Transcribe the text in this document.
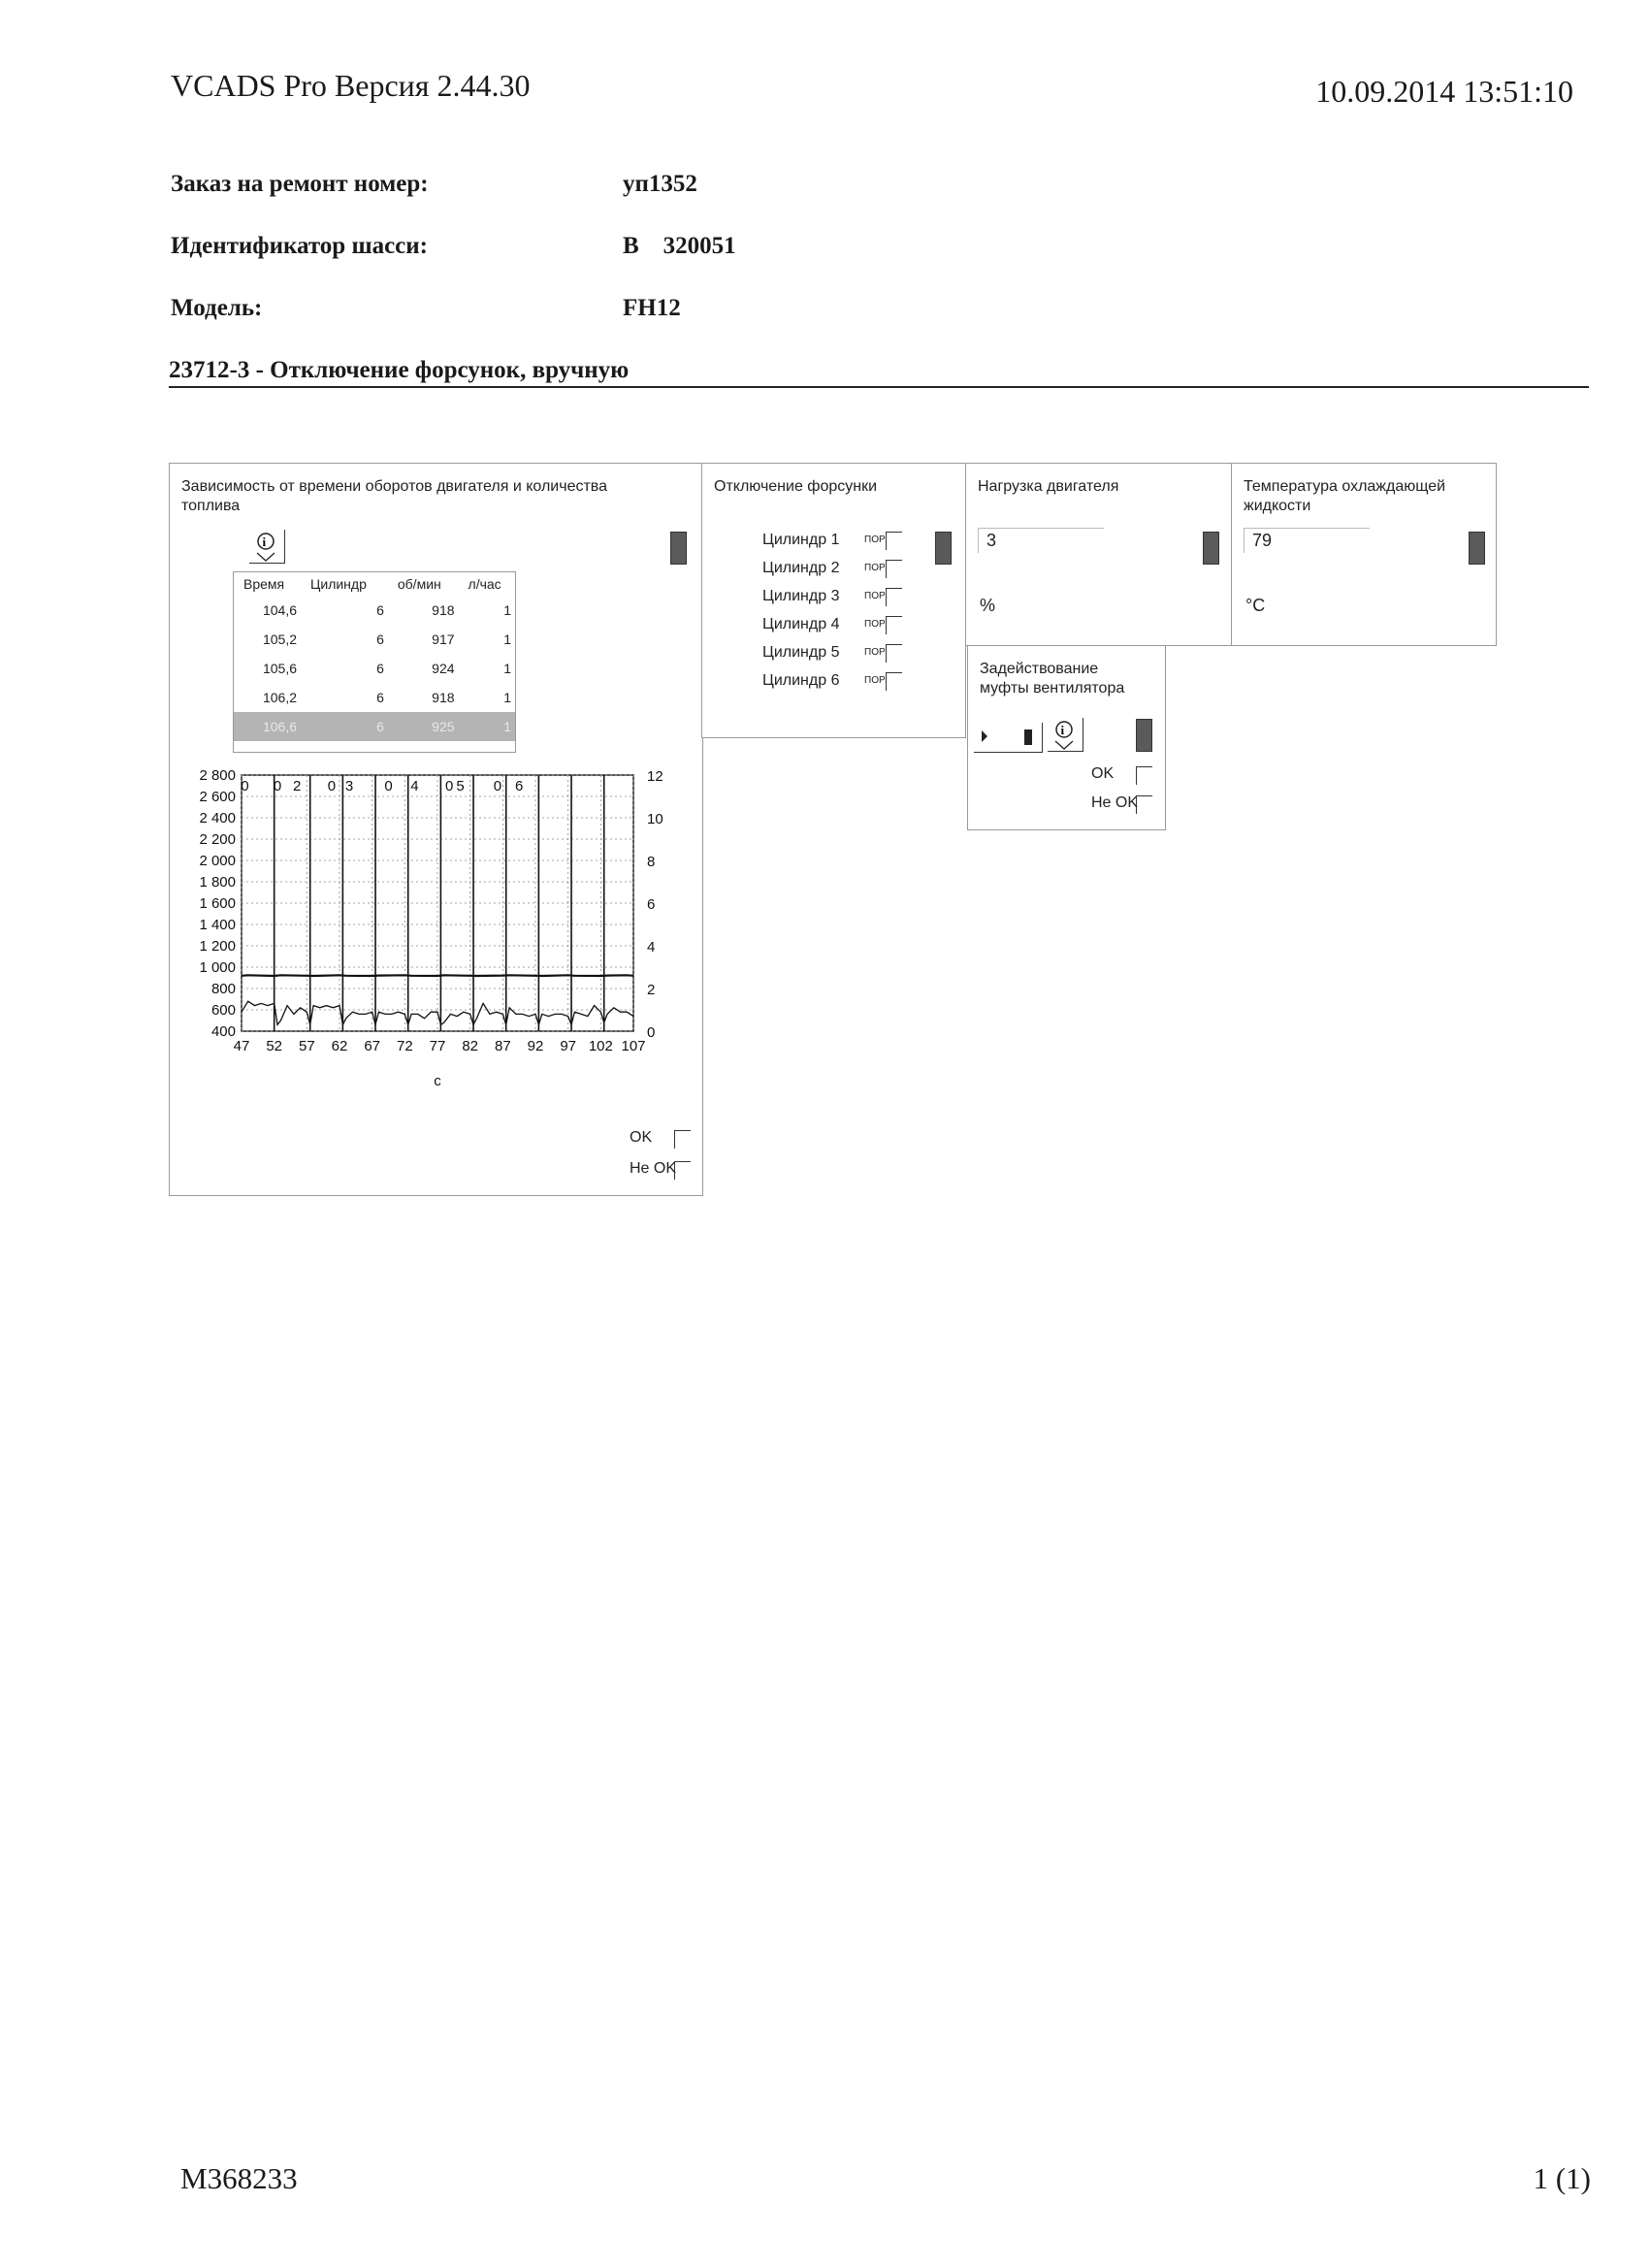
VCADS Pro Версия 2.44.30	10.09.2014 13:51:10
Заказ на ремонт номер:	уп1352
Идентификатор шасси:	B    320051
Модель:	FH12
23712-3 - Отключение форсунок, вручную
Зависимость от времени оборотов двигателя и количества топлива
i
Время	Цилиндр	об/мин	л/час
104,6	6	918	1
105,2	6	917	1
105,6	6	924	1
106,2	6	918	1
106,6	6	925	1
2 800
2 600
2 400
2 200
2 000
1 800
1 600
1 400
1 200
1 000
800
600
400
47 52 57 62 67 72 77 82 87 92 97 102 107
12
10
8
6
4
2
0
0 0 2 0 3 0 4 0 5 0 6
c
OK
Не OK
Отключение форсунки
Цилиндр 1	ПОР
Цилиндр 2	ПОР
Цилиндр 3	ПОР
Цилиндр 4	ПОР
Цилиндр 5	ПОР
Цилиндр 6	ПОР
Нагрузка двигателя
3
%
Температура охлаждающей жидкости
79
°C
Задействование муфты вентилятора
i
OK
Не OK
M368233	1 (1)
